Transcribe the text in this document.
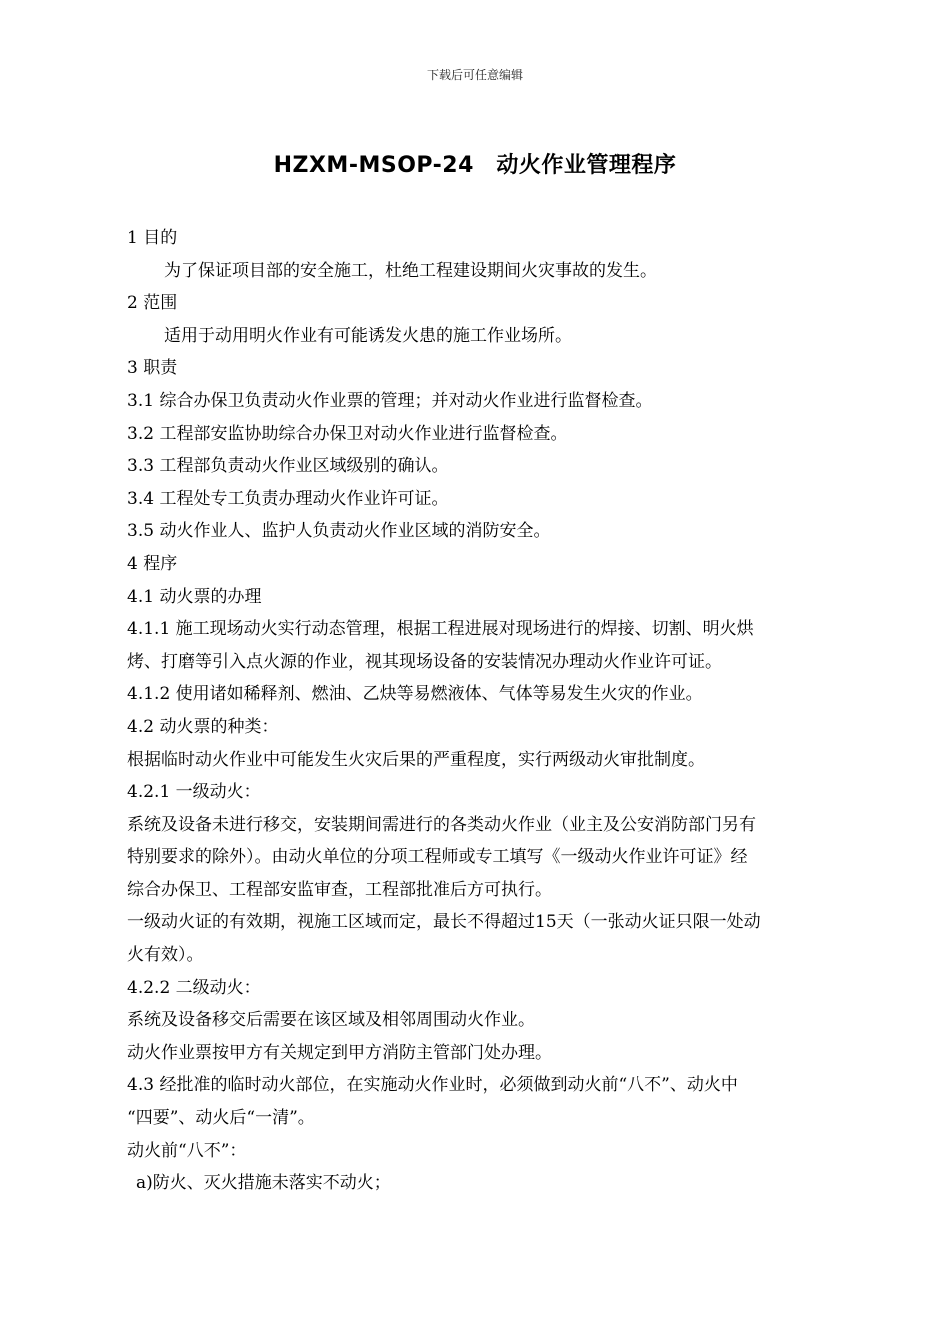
下载后可任意编辑
HZXM-MSOP-24　动火作业管理程序
1 目的
为了保证项目部的安全施工，杜绝工程建设期间火灾事故的发生。
2 范围
适用于动用明火作业有可能诱发火患的施工作业场所。
3 职责
3.1 综合办保卫负责动火作业票的管理；并对动火作业进行监督检查。
3.2 工程部安监协助综合办保卫对动火作业进行监督检查。
3.3 工程部负责动火作业区域级别的确认。
3.4 工程处专工负责办理动火作业许可证。
3.5 动火作业人、监护人负责动火作业区域的消防安全。
4 程序
4.1 动火票的办理
4.1.1 施工现场动火实行动态管理，根据工程进展对现场进行的焊接、切割、明火烘
烤、打磨等引入点火源的作业，视其现场设备的安装情况办理动火作业许可证。
4.1.2 使用诸如稀释剂、燃油、乙炔等易燃液体、气体等易发生火灾的作业。
4.2 动火票的种类：
根据临时动火作业中可能发生火灾后果的严重程度，实行两级动火审批制度。
4.2.1 一级动火：
系统及设备未进行移交，安装期间需进行的各类动火作业（业主及公安消防部门另有
特别要求的除外）。由动火单位的分项工程师或专工填写《一级动火作业许可证》经
综合办保卫、工程部安监审查，工程部批准后方可执行。
一级动火证的有效期，视施工区域而定，最长不得超过15天（一张动火证只限一处动
火有效）。
4.2.2 二级动火：
系统及设备移交后需要在该区域及相邻周围动火作业。
动火作业票按甲方有关规定到甲方消防主管部门处办理。
4.3 经批准的临时动火部位，在实施动火作业时，必须做到动火前“八不”、动火中
“四要”、动火后“一清”。
动火前“八不”：
a)防火、灭火措施未落实不动火；
